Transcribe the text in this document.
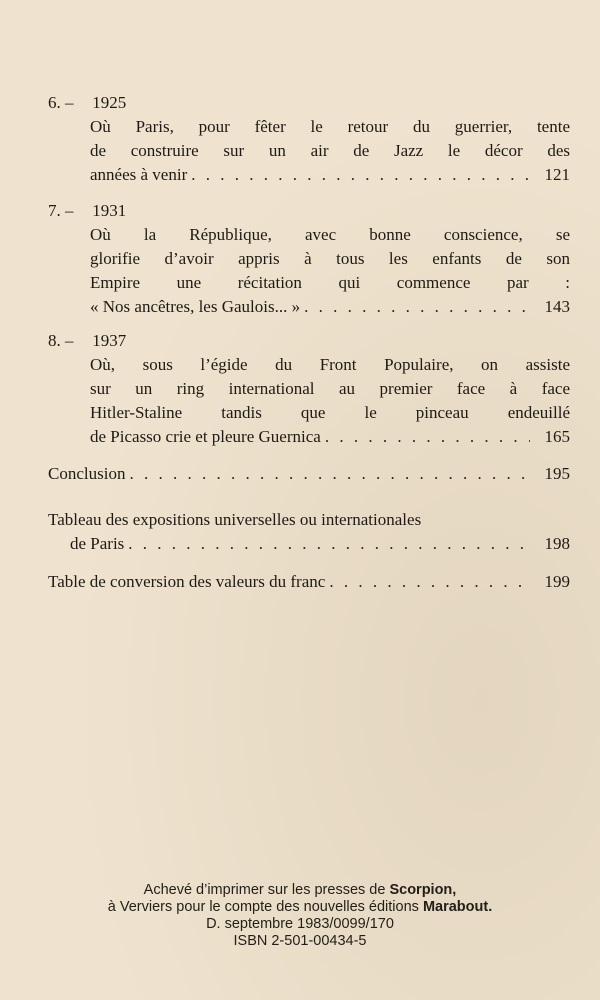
6. – 1925
Où Paris, pour fêter le retour du guerrier, tente
de construire sur un air de Jazz le décor des
années à venir . . .	121
7. – 1931
Où la République, avec bonne conscience, se
glorifie d’avoir appris à tous les enfants de son
Empire une récitation qui commence par :
« Nos ancêtres, les Gaulois... » . . .	143
8. – 1937
Où, sous l’égide du Front Populaire, on assiste
sur un ring international au premier face à face
Hitler-Staline tandis que le pinceau endeuillé
de Picasso crie et pleure Guernica . . .	165
Conclusion . . .	195
Tableau des expositions universelles ou internationales
de Paris . . .	198
Table de conversion des valeurs du franc . . .	199
Achevé d’imprimer sur les presses de Scorpion,
à Verviers pour le compte des nouvelles éditions Marabout.
D. septembre 1983/0099/170
ISBN 2-501-00434-5
